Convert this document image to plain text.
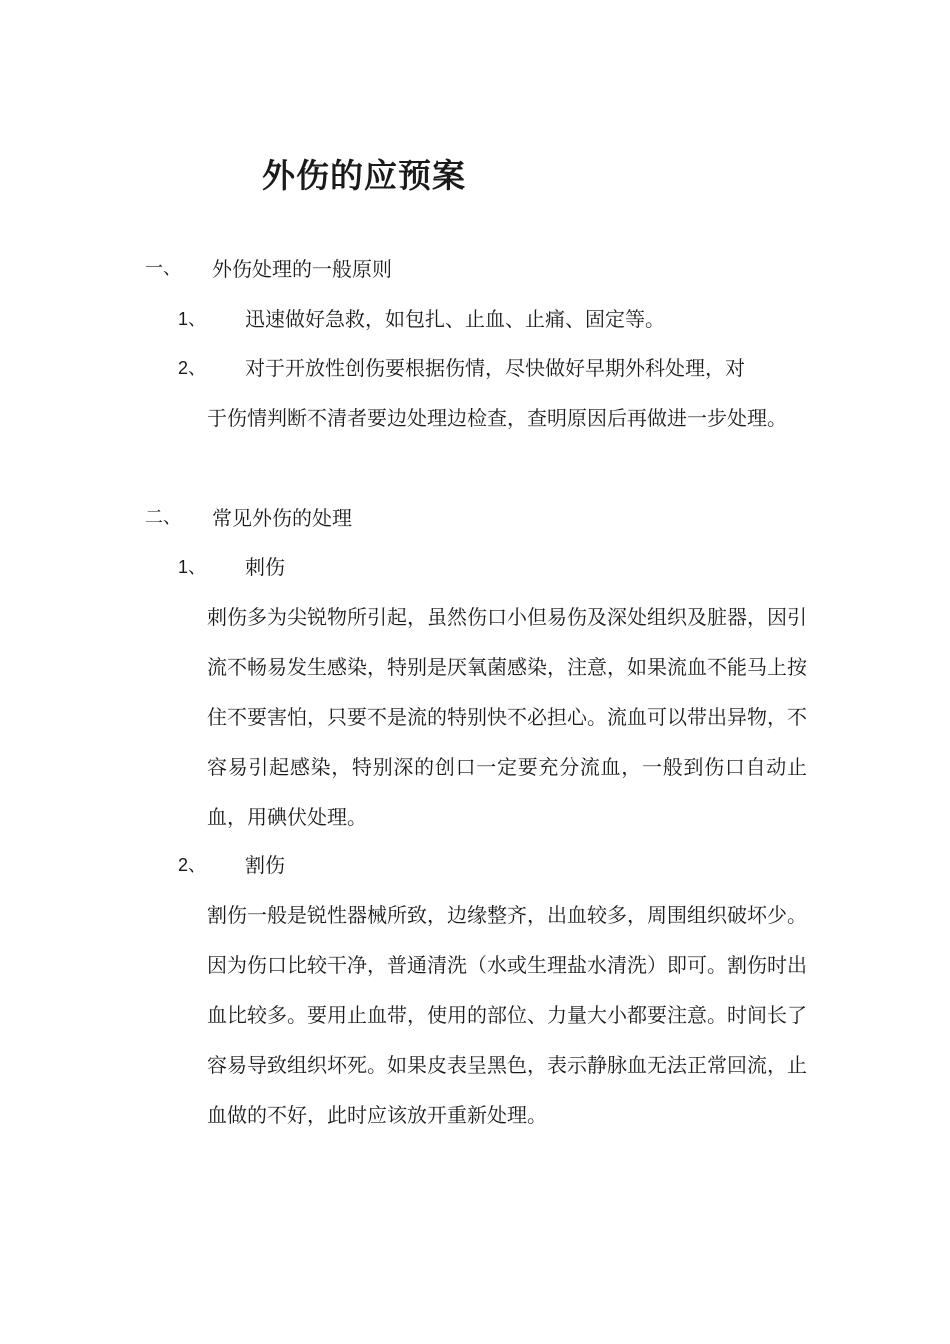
外伤的应预案
一、 外伤处理的一般原则
1、 迅速做好急救，如包扎、止血、止痛、固定等。
2、 对于开放性创伤要根据伤情，尽快做好早期外科处理，对

于伤情判断不清者要边处理边检查，查明原因后再做进一步处理。

二、 常见外伤的处理
1、 刺伤

刺伤多为尖锐物所引起，虽然伤口小但易伤及深处组织及脏器，因引流不畅易发生感染，特别是厌氧菌感染，注意，如果流血不能马上按住不要害怕，只要不是流的特别快不必担心。流血可以带出异物，不容易引起感染，特别深的创口一定要充分流血，一般到伤口自动止血，用碘伏处理。

2、 割伤

割伤一般是锐性器械所致，边缘整齐，出血较多，周围组织破坏少。因为伤口比较干净，普通清洗（水或生理盐水清洗）即可。割伤时出血比较多。要用止血带，使用的部位、力量大小都要注意。时间长了容易导致组织坏死。如果皮表呈黑色，表示静脉血无法正常回流，止血做的不好，此时应该放开重新处理。
